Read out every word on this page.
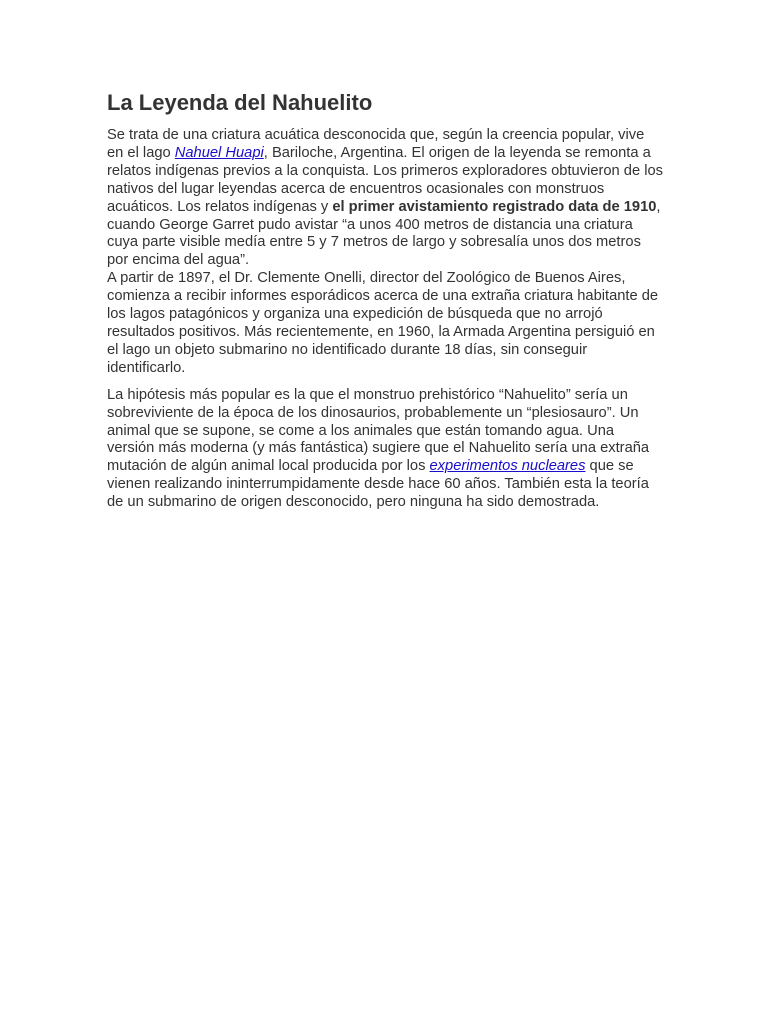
La Leyenda del Nahuelito

Se trata de una criatura acuática desconocida que, según la creencia popular, vive en el lago Nahuel Huapi, Bariloche, Argentina. El origen de la leyenda se remonta a relatos indígenas previos a la conquista. Los primeros exploradores obtuvieron de los nativos del lugar leyendas acerca de encuentros ocasionales con monstruos acuáticos. Los relatos indígenas y el primer avistamiento registrado data de 1910, cuando George Garret pudo avistar “a unos 400 metros de distancia una criatura cuya parte visible medía entre 5 y 7 metros de largo y sobresalía unos dos metros por encima del agua”.

A partir de 1897, el Dr. Clemente Onelli, director del Zoológico de Buenos Aires, comienza a recibir informes esporádicos acerca de una extraña criatura habitante de los lagos patagónicos y organiza una expedición de búsqueda que no arrojó resultados positivos. Más recientemente, en 1960, la Armada Argentina persiguió en el lago un objeto submarino no identificado durante 18 días, sin conseguir identificarlo.

La hipótesis más popular es la que el monstruo prehistórico “Nahuelito” sería un sobreviviente de la época de los dinosaurios, probablemente un “plesiosauro”. Un animal que se supone, se come a los animales que están tomando agua. Una versión más moderna (y más fantástica) sugiere que el Nahuelito sería una extraña mutación de algún animal local producida por los experimentos nucleares que se vienen realizando ininterrumpidamente desde hace 60 años. También esta la teoría de un submarino de origen desconocido, pero ninguna ha sido demostrada.
